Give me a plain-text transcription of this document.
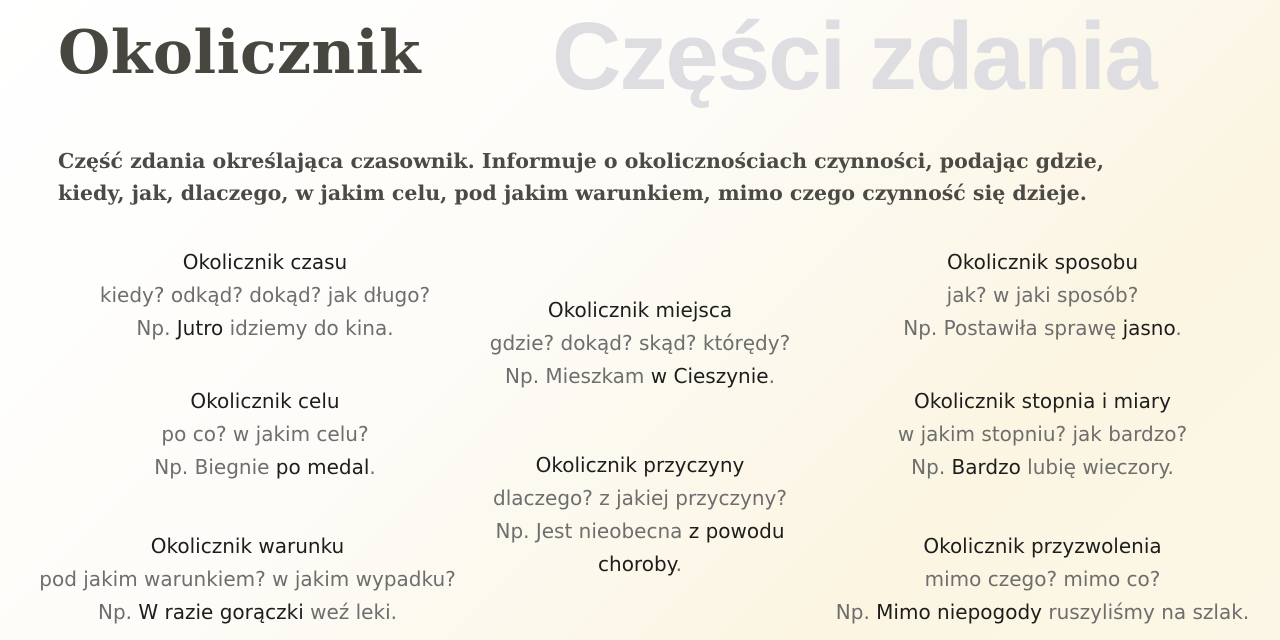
Części zdania
Okolicznik
Część zdania określająca czasownik. Informuje o okolicznościach czynności, podając gdzie,
kiedy, jak, dlaczego, w jakim celu, pod jakim warunkiem, mimo czego czynność się dzieje.
Okolicznik czasu
kiedy? odkąd? dokąd? jak długo?
Np. Jutro idziemy do kina.
Okolicznik celu
po co? w jakim celu?
Np. Biegnie po medal.
Okolicznik warunku
pod jakim warunkiem? w jakim wypadku?
Np. W razie gorączki weź leki.
Okolicznik miejsca
gdzie? dokąd? skąd? którędy?
Np. Mieszkam w Cieszynie.
Okolicznik przyczyny
dlaczego? z jakiej przyczyny?
Np. Jest nieobecna z powodu
choroby.
Okolicznik sposobu
jak? w jaki sposób?
Np. Postawiła sprawę jasno.
Okolicznik stopnia i miary
w jakim stopniu? jak bardzo?
Np. Bardzo lubię wieczory.
Okolicznik przyzwolenia
mimo czego? mimo co?
Np. Mimo niepogody ruszyliśmy na szlak.
